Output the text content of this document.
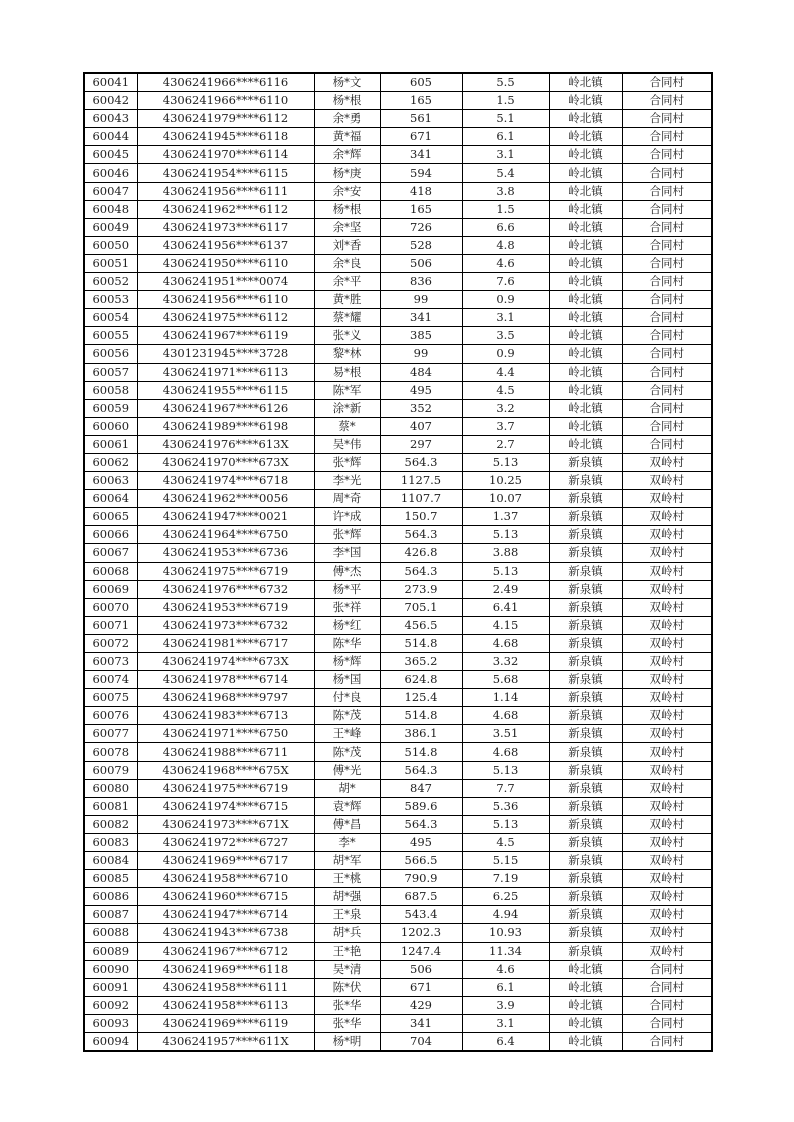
60041	4306241966****6116	杨*文	605	5.5	岭北镇	合同村
60042	4306241966****6110	杨*根	165	1.5	岭北镇	合同村
60043	4306241979****6112	余*勇	561	5.1	岭北镇	合同村
60044	4306241945****6118	黄*福	671	6.1	岭北镇	合同村
60045	4306241970****6114	余*辉	341	3.1	岭北镇	合同村
60046	4306241954****6115	杨*庚	594	5.4	岭北镇	合同村
60047	4306241956****6111	余*安	418	3.8	岭北镇	合同村
60048	4306241962****6112	杨*根	165	1.5	岭北镇	合同村
60049	4306241973****6117	余*坚	726	6.6	岭北镇	合同村
60050	4306241956****6137	刘*香	528	4.8	岭北镇	合同村
60051	4306241950****6110	余*良	506	4.6	岭北镇	合同村
60052	4306241951****0074	余*平	836	7.6	岭北镇	合同村
60053	4306241956****6110	黄*胜	99	0.9	岭北镇	合同村
60054	4306241975****6112	蔡*耀	341	3.1	岭北镇	合同村
60055	4306241967****6119	张*义	385	3.5	岭北镇	合同村
60056	4301231945****3728	黎*林	99	0.9	岭北镇	合同村
60057	4306241971****6113	易*根	484	4.4	岭北镇	合同村
60058	4306241955****6115	陈*军	495	4.5	岭北镇	合同村
60059	4306241967****6126	涂*新	352	3.2	岭北镇	合同村
60060	4306241989****6198	蔡*	407	3.7	岭北镇	合同村
60061	4306241976****613X	吴*伟	297	2.7	岭北镇	合同村
60062	4306241970****673X	张*辉	564.3	5.13	新泉镇	双岭村
60063	4306241974****6718	李*光	1127.5	10.25	新泉镇	双岭村
60064	4306241962****0056	周*奇	1107.7	10.07	新泉镇	双岭村
60065	4306241947****0021	许*成	150.7	1.37	新泉镇	双岭村
60066	4306241964****6750	张*辉	564.3	5.13	新泉镇	双岭村
60067	4306241953****6736	李*国	426.8	3.88	新泉镇	双岭村
60068	4306241975****6719	傅*杰	564.3	5.13	新泉镇	双岭村
60069	4306241976****6732	杨*平	273.9	2.49	新泉镇	双岭村
60070	4306241953****6719	张*祥	705.1	6.41	新泉镇	双岭村
60071	4306241973****6732	杨*红	456.5	4.15	新泉镇	双岭村
60072	4306241981****6717	陈*华	514.8	4.68	新泉镇	双岭村
60073	4306241974****673X	杨*辉	365.2	3.32	新泉镇	双岭村
60074	4306241978****6714	杨*国	624.8	5.68	新泉镇	双岭村
60075	4306241968****9797	付*良	125.4	1.14	新泉镇	双岭村
60076	4306241983****6713	陈*茂	514.8	4.68	新泉镇	双岭村
60077	4306241971****6750	王*峰	386.1	3.51	新泉镇	双岭村
60078	4306241988****6711	陈*茂	514.8	4.68	新泉镇	双岭村
60079	4306241968****675X	傅*光	564.3	5.13	新泉镇	双岭村
60080	4306241975****6719	胡*	847	7.7	新泉镇	双岭村
60081	4306241974****6715	袁*辉	589.6	5.36	新泉镇	双岭村
60082	4306241973****671X	傅*昌	564.3	5.13	新泉镇	双岭村
60083	4306241972****6727	李*	495	4.5	新泉镇	双岭村
60084	4306241969****6717	胡*军	566.5	5.15	新泉镇	双岭村
60085	4306241958****6710	王*桃	790.9	7.19	新泉镇	双岭村
60086	4306241960****6715	胡*强	687.5	6.25	新泉镇	双岭村
60087	4306241947****6714	王*泉	543.4	4.94	新泉镇	双岭村
60088	4306241943****6738	胡*兵	1202.3	10.93	新泉镇	双岭村
60089	4306241967****6712	王*艳	1247.4	11.34	新泉镇	双岭村
60090	4306241969****6118	吴*清	506	4.6	岭北镇	合同村
60091	4306241958****6111	陈*伏	671	6.1	岭北镇	合同村
60092	4306241958****6113	张*华	429	3.9	岭北镇	合同村
60093	4306241969****6119	张*华	341	3.1	岭北镇	合同村
60094	4306241957****611X	杨*明	704	6.4	岭北镇	合同村
